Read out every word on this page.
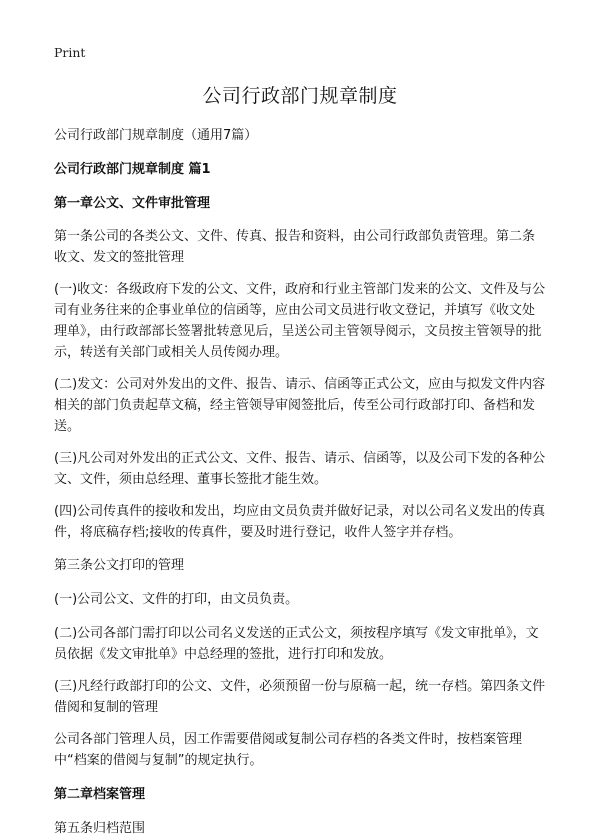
Print
公司行政部门规章制度

公司行政部门规章制度（通用7篇）

公司行政部门规章制度 篇1

第一章公文、文件审批管理

第一条公司的各类公文、文件、传真、报告和资料，由公司行政部负责管理。第二条收文、发文的签批管理

(一)收文：各级政府下发的公文、文件，政府和行业主管部门发来的公文、文件及与公司有业务往来的企事业单位的信函等，应由公司文员进行收文登记，并填写《收文处理单》，由行政部部长签署批转意见后，呈送公司主管领导阅示，文员按主管领导的批示，转送有关部门或相关人员传阅办理。

(二)发文：公司对外发出的文件、报告、请示、信函等正式公文，应由与拟发文件内容相关的部门负责起草文稿，经主管领导审阅签批后，传至公司行政部打印、备档和发送。

(三)凡公司对外发出的正式公文、文件、报告、请示、信函等，以及公司下发的各种公文、文件，须由总经理、董事长签批才能生效。

(四)公司传真件的接收和发出，均应由文员负责并做好记录，对以公司名义发出的传真件，将底稿存档;接收的传真件，要及时进行登记，收件人签字并存档。

第三条公文打印的管理

(一)公司公文、文件的打印，由文员负责。

(二)公司各部门需打印以公司名义发送的正式公文，须按程序填写《发文审批单》，文员依据《发文审批单》中总经理的签批，进行打印和发放。

(三)凡经行政部打印的公文、文件，必须预留一份与原稿一起，统一存档。第四条文件借阅和复制的管理

公司各部门管理人员，因工作需要借阅或复制公司存档的各类文件时，按档案管理中“档案的借阅与复制”的规定执行。

第二章档案管理

第五条归档范围
